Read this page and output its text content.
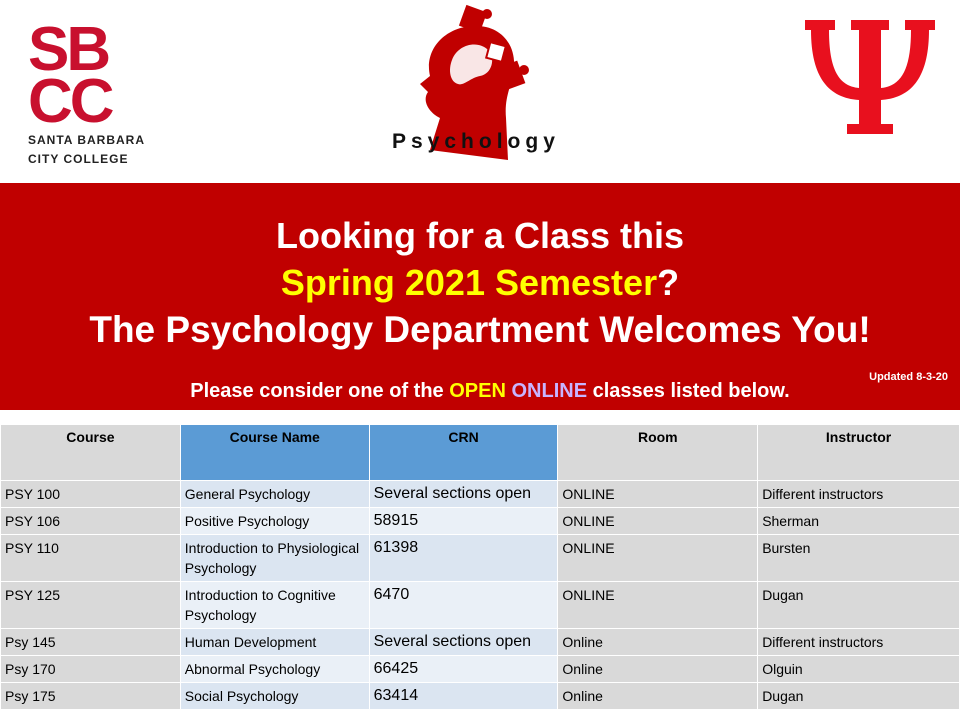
SB
CC
SANTA BARBARA
CITY COLLEGE
Psychology
Looking for a Class this
Spring 2021 Semester?
The Psychology Department Welcomes You!
Updated 8-3-20
Please consider one of the OPEN ONLINE classes listed below.
Course	Course Name	CRN	Room	Instructor
PSY 100	General Psychology	Several sections open	ONLINE	Different instructors
PSY 106	Positive Psychology	58915	ONLINE	Sherman
PSY 110	Introduction to Physiological Psychology	61398	ONLINE	Bursten
PSY 125	Introduction to Cognitive Psychology	6470	ONLINE	Dugan
Psy 145	Human Development	Several sections open	Online	Different instructors
Psy 170	Abnormal Psychology	66425	Online	Olguin
Psy 175	Social Psychology	63414	Online	Dugan
